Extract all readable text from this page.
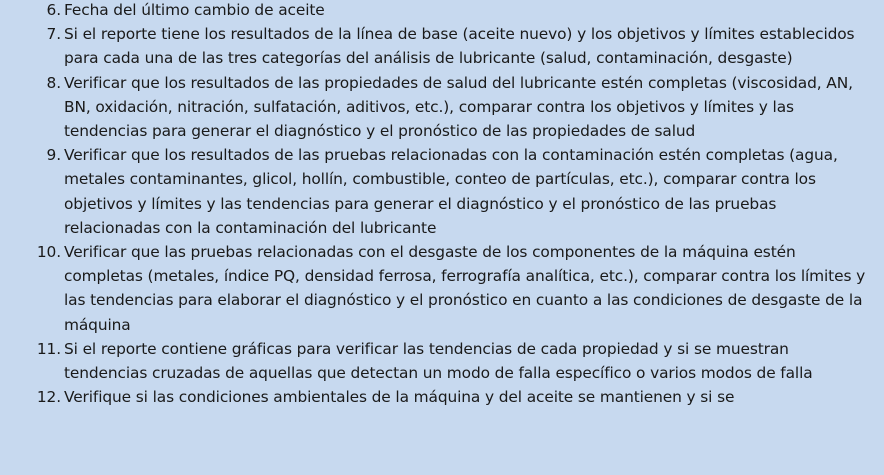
6. Fecha del último cambio de aceite
7. Si el reporte tiene los resultados de la línea de base (aceite nuevo) y los objetivos y límites establecidos para cada una de las tres categorías del análisis de lubricante (salud, contaminación, desgaste)
8. Verificar que los resultados de las propiedades de salud del lubricante estén completas (viscosidad, AN, BN, oxidación, nitración, sulfatación, aditivos, etc.), comparar contra los objetivos y límites y las tendencias para generar el diagnóstico y el pronóstico de las propiedades de salud
9. Verificar que los resultados de las pruebas relacionadas con la contaminación estén completas (agua, metales contaminantes, glicol, hollín, combustible, conteo de partículas, etc.), comparar contra los objetivos y límites y las tendencias para generar el diagnóstico y el pronóstico de las pruebas relacionadas con la contaminación del lubricante
10. Verificar que las pruebas relacionadas con el desgaste de los componentes de la máquina estén completas (metales, índice PQ, densidad ferrosa, ferrografía analítica, etc.), comparar contra los límites y las tendencias para elaborar el diagnóstico y el pronóstico en cuanto a las condiciones de desgaste de la máquina
11. Si el reporte contiene gráficas para verificar las tendencias de cada propiedad y si se muestran tendencias cruzadas de aquellas que detectan un modo de falla específico o varios modos de falla
12. Verifique si las condiciones ambientales de la máquina y del aceite se mantienen y si se
